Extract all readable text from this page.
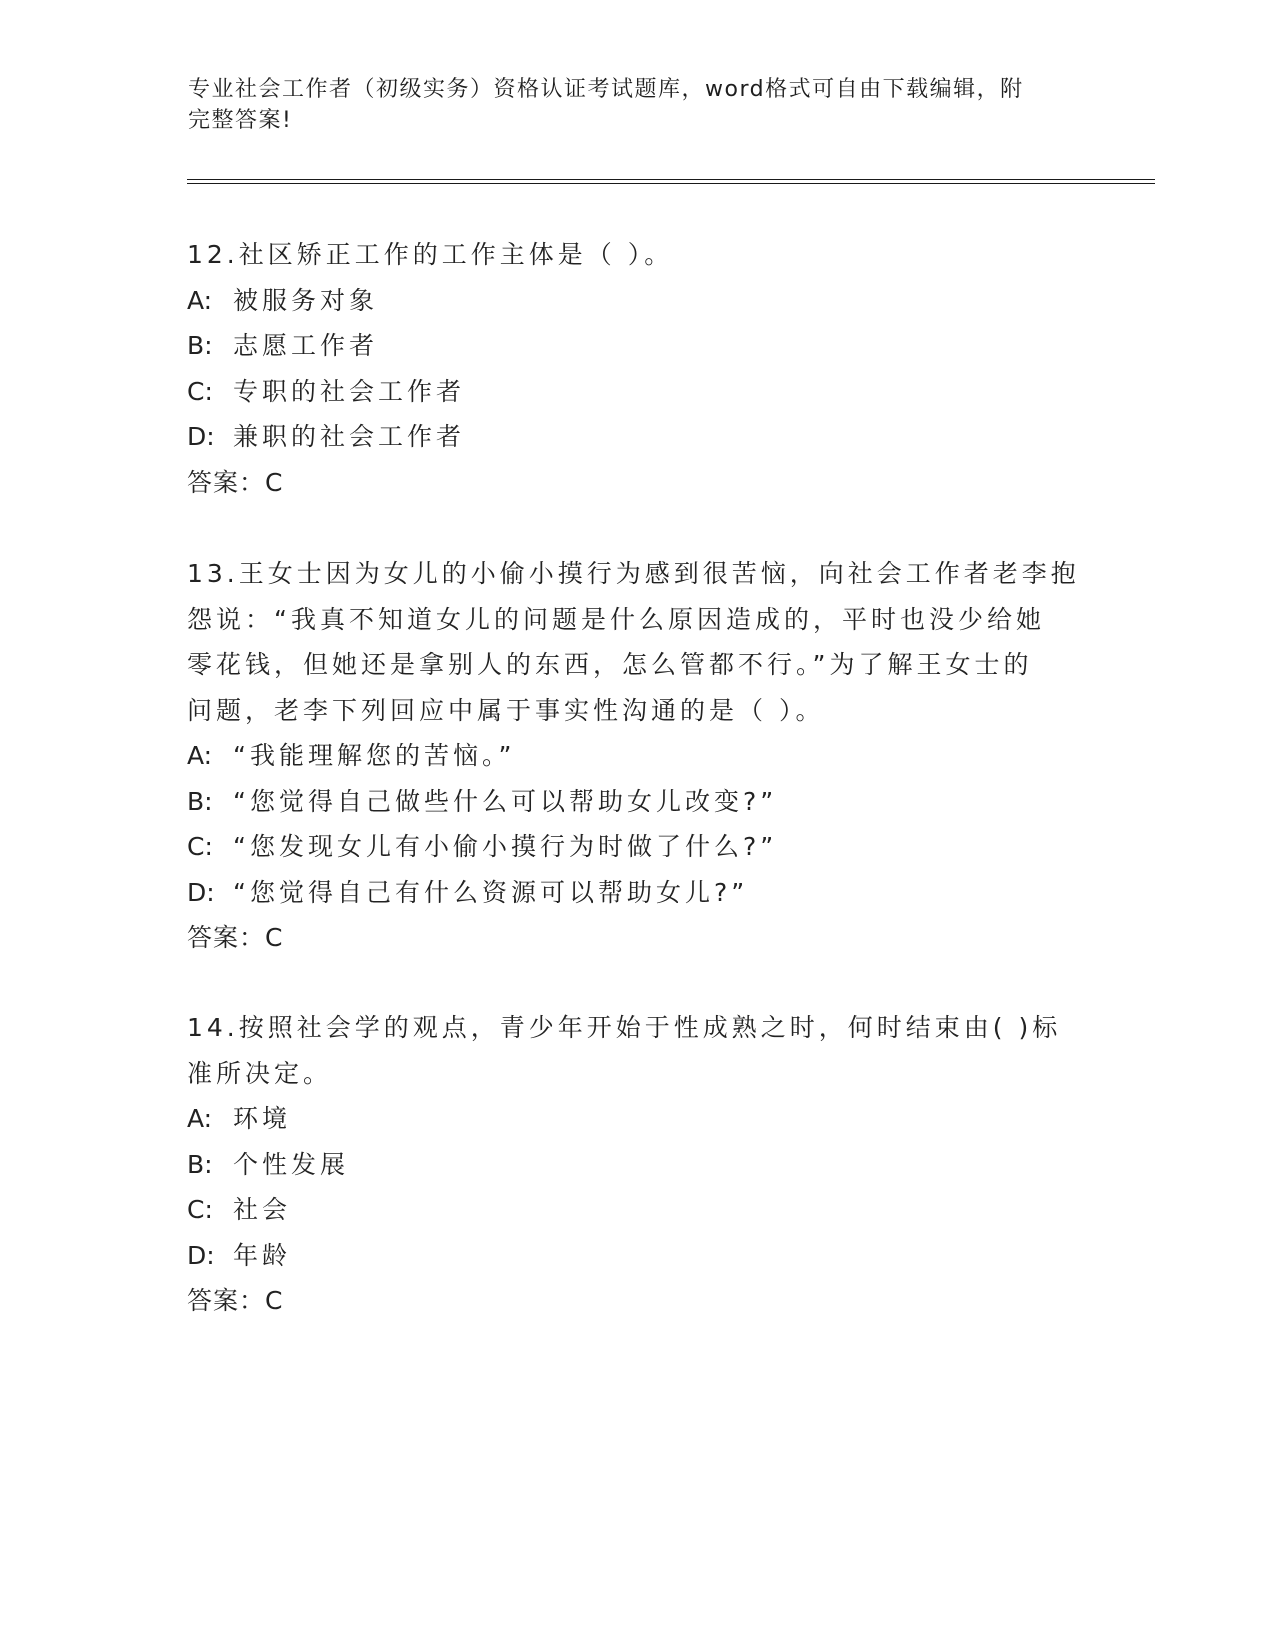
专业社会工作者（初级实务）资格认证考试题库，word格式可自由下载编辑，附
完整答案!

12.社区矫正工作的工作主体是（ ）。

A: 被服务对象

B: 志愿工作者

C: 专职的社会工作者

D: 兼职的社会工作者

答案：C

13.王女士因为女儿的小偷小摸行为感到很苦恼，向社会工作者老李抱

怨说：“我真不知道女儿的问题是什么原因造成的，平时也没少给她

零花钱，但她还是拿别人的东西，怎么管都不行。”为了解王女士的

问题，老李下列回应中属于事实性沟通的是（ ）。

A: “我能理解您的苦恼。”

B: “您觉得自己做些什么可以帮助女儿改变?”

C: “您发现女儿有小偷小摸行为时做了什么?”

D: “您觉得自己有什么资源可以帮助女儿?”

答案：C

14.按照社会学的观点，青少年开始于性成熟之时，何时结束由( )标

准所决定。

A: 环境

B: 个性发展

C: 社会

D: 年龄

答案：C
